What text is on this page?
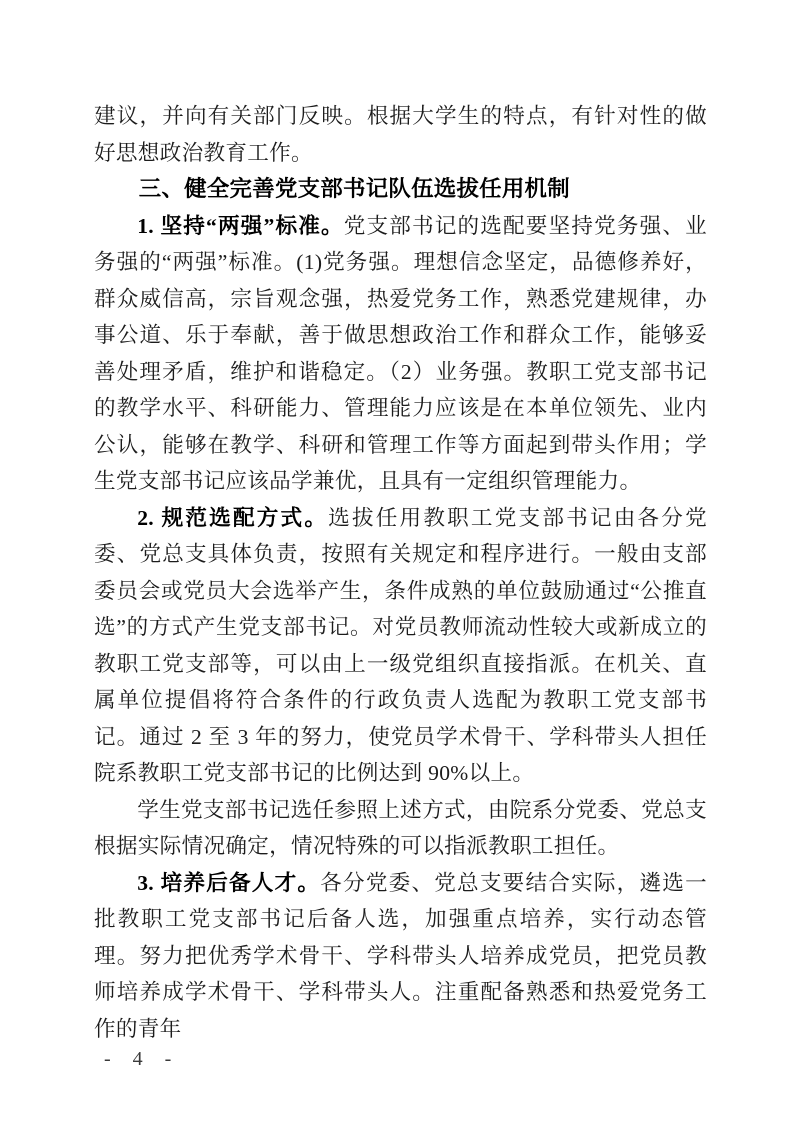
建议，并向有关部门反映。根据大学生的特点，有针对性的做好思想政治教育工作。

三、健全完善党支部书记队伍选拔任用机制

1. 坚持“两强”标准。党支部书记的选配要坚持党务强、业务强的“两强”标准。(1)党务强。理想信念坚定，品德修养好，群众威信高，宗旨观念强，热爱党务工作，熟悉党建规律，办事公道、乐于奉献，善于做思想政治工作和群众工作，能够妥善处理矛盾，维护和谐稳定。（2）业务强。教职工党支部书记的教学水平、科研能力、管理能力应该是在本单位领先、业内公认，能够在教学、科研和管理工作等方面起到带头作用；学生党支部书记应该品学兼优，且具有一定组织管理能力。

2. 规范选配方式。选拔任用教职工党支部书记由各分党委、党总支具体负责，按照有关规定和程序进行。一般由支部委员会或党员大会选举产生，条件成熟的单位鼓励通过“公推直选”的方式产生党支部书记。对党员教师流动性较大或新成立的教职工党支部等，可以由上一级党组织直接指派。在机关、直属单位提倡将符合条件的行政负责人选配为教职工党支部书记。通过 2 至 3 年的努力，使党员学术骨干、学科带头人担任院系教职工党支部书记的比例达到 90%以上。

学生党支部书记选任参照上述方式，由院系分党委、党总支根据实际情况确定，情况特殊的可以指派教职工担任。

3. 培养后备人才。各分党委、党总支要结合实际，遴选一批教职工党支部书记后备人选，加强重点培养，实行动态管理。努力把优秀学术骨干、学科带头人培养成党员，把党员教师培养成学术骨干、学科带头人。注重配备熟悉和热爱党务工作的青年

- 4 -
